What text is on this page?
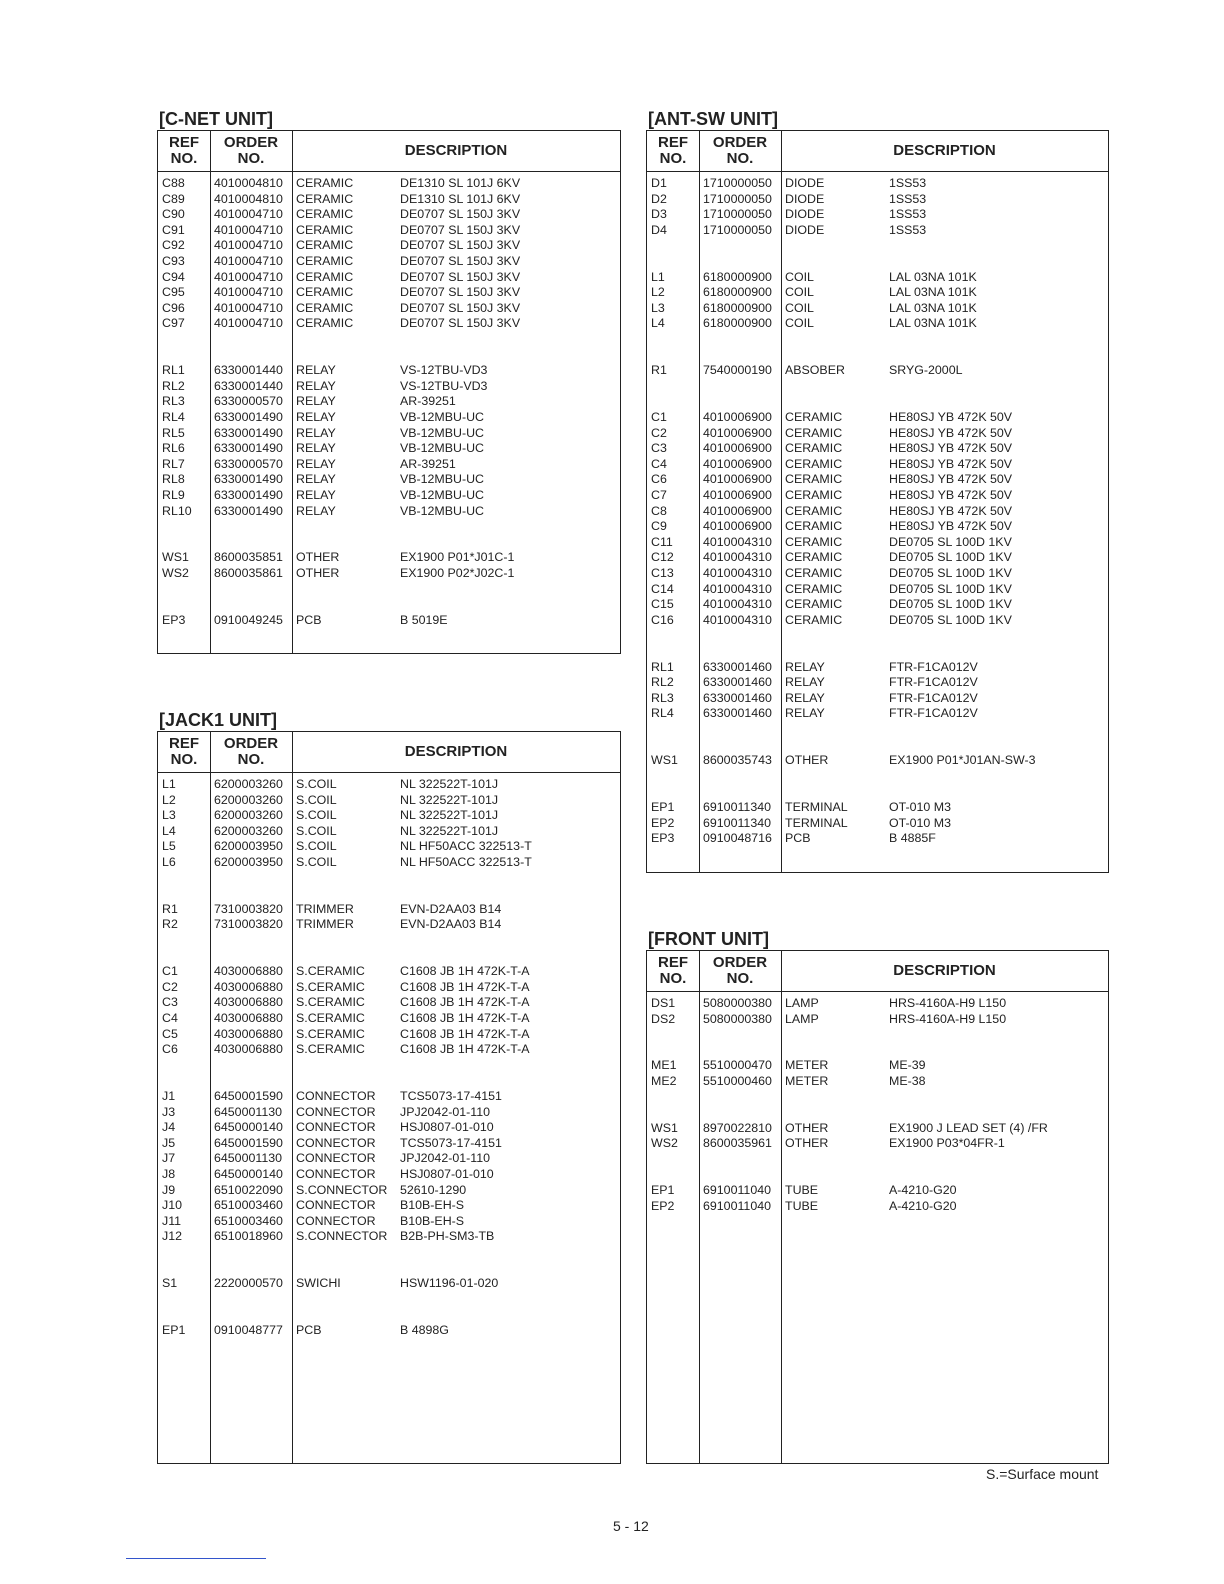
[C-NET UNIT]
REF
NO.
ORDER
NO.	DESCRIPTION
C88 4010004810 CERAMIC	DE1310 SL 101J 6KV
C89 4010004810 CERAMIC	DE1310 SL 101J 6KV
C90 4010004710 CERAMIC	DE0707 SL 150J 3KV
C91 4010004710 CERAMIC	DE0707 SL 150J 3KV
C92 4010004710 CERAMIC	DE0707 SL 150J 3KV
C93 4010004710 CERAMIC	DE0707 SL 150J 3KV
C94 4010004710 CERAMIC	DE0707 SL 150J 3KV
C95 4010004710 CERAMIC	DE0707 SL 150J 3KV
C96 4010004710 CERAMIC	DE0707 SL 150J 3KV
C97 4010004710 CERAMIC	DE0707 SL 150J 3KV
RL1 6330001440 RELAY	VS-12TBU-VD3
RL2 6330001440 RELAY	VS-12TBU-VD3
RL3 6330000570 RELAY	AR-39251
RL4 6330001490 RELAY	VB-12MBU-UC
RL5 6330001490 RELAY	VB-12MBU-UC
RL6 6330001490 RELAY	VB-12MBU-UC
RL7 6330000570 RELAY	AR-39251
RL8 6330001490 RELAY	VB-12MBU-UC
RL9 6330001490 RELAY	VB-12MBU-UC
RL10 6330001490 RELAY	VB-12MBU-UC
WS1 8600035851 OTHER	EX1900 P01*J01C-1
WS2 8600035861 OTHER	EX1900 P02*J02C-1
EP3 0910049245 PCB	B 5019E
[ANT-SW UNIT]
REF
NO.
ORDER
NO.	DESCRIPTION
D1	1710000050 DIODE	1SS53
D2	1710000050 DIODE	1SS53
D3	1710000050 DIODE	1SS53
D4	1710000050 DIODE	1SS53
L1	6180000900 COIL	LAL 03NA 101K
L2	6180000900 COIL	LAL 03NA 101K
L3	6180000900 COIL	LAL 03NA 101K
L4	6180000900 COIL	LAL 03NA 101K
R1	7540000190 ABSOBER	SRYG-2000L
C1	4010006900 CERAMIC	HE80SJ YB 472K 50V
C2	4010006900 CERAMIC	HE80SJ YB 472K 50V
C3	4010006900 CERAMIC	HE80SJ YB 472K 50V
C4	4010006900 CERAMIC	HE80SJ YB 472K 50V
C6	4010006900 CERAMIC	HE80SJ YB 472K 50V
C7	4010006900 CERAMIC	HE80SJ YB 472K 50V
C8	4010006900 CERAMIC	HE80SJ YB 472K 50V
C9	4010006900 CERAMIC	HE80SJ YB 472K 50V
C11 4010004310 CERAMIC	DE0705 SL 100D 1KV
C12 4010004310 CERAMIC	DE0705 SL 100D 1KV
C13 4010004310 CERAMIC	DE0705 SL 100D 1KV
C14 4010004310 CERAMIC	DE0705 SL 100D 1KV
C15 4010004310 CERAMIC	DE0705 SL 100D 1KV
C16 4010004310 CERAMIC	DE0705 SL 100D 1KV
RL1 6330001460 RELAY	FTR-F1CA012V
RL2 6330001460 RELAY	FTR-F1CA012V
RL3 6330001460 RELAY	FTR-F1CA012V
RL4 6330001460 RELAY	FTR-F1CA012V
WS1 8600035743 OTHER	EX1900 P01*J01AN-SW-3
EP1 6910011340 TERMINAL	OT-010 M3
EP2 6910011340 TERMINAL	OT-010 M3
EP3 0910048716 PCB	B 4885F
[JACK1 UNIT]
REF
NO.
ORDER
NO.	DESCRIPTION
L1	6200003260 S.COIL	NL 322522T-101J
L2	6200003260 S.COIL	NL 322522T-101J
L3	6200003260 S.COIL	NL 322522T-101J
L4	6200003260 S.COIL	NL 322522T-101J
L5	6200003950 S.COIL	NL HF50ACC 322513-T
L6	6200003950 S.COIL	NL HF50ACC 322513-T
R1	7310003820 TRIMMER	EVN-D2AA03 B14
R2	7310003820 TRIMMER	EVN-D2AA03 B14
C1	4030006880 S.CERAMIC	C1608 JB 1H 472K-T-A
C2	4030006880 S.CERAMIC	C1608 JB 1H 472K-T-A
C3	4030006880 S.CERAMIC	C1608 JB 1H 472K-T-A
C4	4030006880 S.CERAMIC	C1608 JB 1H 472K-T-A
C5	4030006880 S.CERAMIC	C1608 JB 1H 472K-T-A
C6	4030006880 S.CERAMIC	C1608 JB 1H 472K-T-A
J1	6450001590 CONNECTOR TCS5073-17-4151
J3	6450001130 CONNECTOR JPJ2042-01-110
J4	6450000140 CONNECTOR HSJ0807-01-010
J5	6450001590 CONNECTOR TCS5073-17-4151
J7	6450001130 CONNECTOR JPJ2042-01-110
J8	6450000140 CONNECTOR HSJ0807-01-010
J9	6510022090 S.CONNECTOR 52610-1290
J10	6510003460 CONNECTOR B10B-EH-S
J11	6510003460 CONNECTOR B10B-EH-S
J12	6510018960 S.CONNECTOR B2B-PH-SM3-TB
S1	2220000570 SWICHI	HSW1196-01-020
EP1 0910048777 PCB	B 4898G
[FRONT UNIT]
REF
NO.
ORDER
NO.	DESCRIPTION
DS1 5080000380 LAMP	HRS-4160A-H9 L150
DS2 5080000380 LAMP	HRS-4160A-H9 L150
ME1 5510000470 METER	ME-39
ME2 5510000460 METER	ME-38
WS1 8970022810 OTHER	EX1900 J LEAD SET (4) /FR
WS2 8600035961 OTHER	EX1900 P03*04FR-1
EP1 6910011040 TUBE	A-4210-G20
EP2 6910011040 TUBE	A-4210-G20
S.=Surface mount
5 - 12
